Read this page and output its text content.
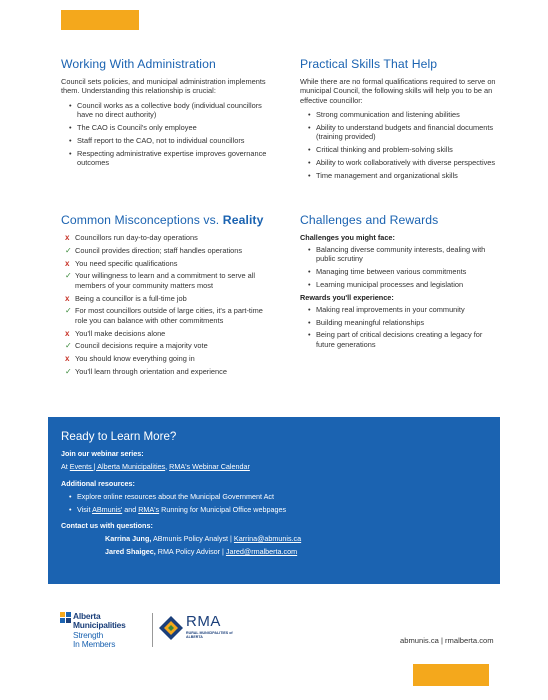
Working With Administration

Council sets policies, and municipal administration implements them. Understanding this relationship is crucial:

• Council works as a collective body (individual councillors have no direct authority)
• The CAO is Council's only employee
• Staff report to the CAO, not to individual councillors
• Respecting administrative expertise improves governance outcomes
Practical Skills That Help

While there are no formal qualifications required to serve on municipal Council, the following skills will help you to be an effective councillor:

• Strong communication and listening abilities
• Ability to understand budgets and financial documents (training provided)
• Critical thinking and problem-solving skills
• Ability to work collaboratively with diverse perspectives
• Time management and organizational skills
Common Misconceptions vs. Reality
x Councillors run day-to-day operations
✓ Council provides direction; staff handles operations
x You need specific qualifications
✓ Your willingness to learn and a commitment to serve all members of your community matters most
x Being a councillor is a full-time job
✓ For most councillors outside of large cities, it's a part-time role you can balance with other commitments
x You'll make decisions alone
✓ Council decisions require a majority vote
x You should know everything going in
✓ You'll learn through orientation and experience
Challenges and Rewards
Challenges you might face:
• Balancing diverse community interests, dealing with public scrutiny
• Managing time between various commitments
• Learning municipal processes and legislation
Rewards you'll experience:
• Making real improvements in your community
• Building meaningful relationships
• Being part of critical decisions creating a legacy for future generations
Ready to Learn More?
Join our webinar series:
At Events | Alberta Municipalities, RMA's Webinar Calendar
Additional resources:
• Explore online resources about the Municipal Government Act
• Visit ABmunis' and RMA's Running for Municipal Office webpages
Contact us with questions:
Karrina Jung, ABmunis Policy Analyst | Karrina@abmunis.ca
Jared Shaigec, RMA Policy Advisor | Jared@rmalberta.com
Alberta
Municipalities
Strength
In Members
RMA
RURAL MUNICIPALITIES of ALBERTA	abmunis.ca | rmalberta.com
